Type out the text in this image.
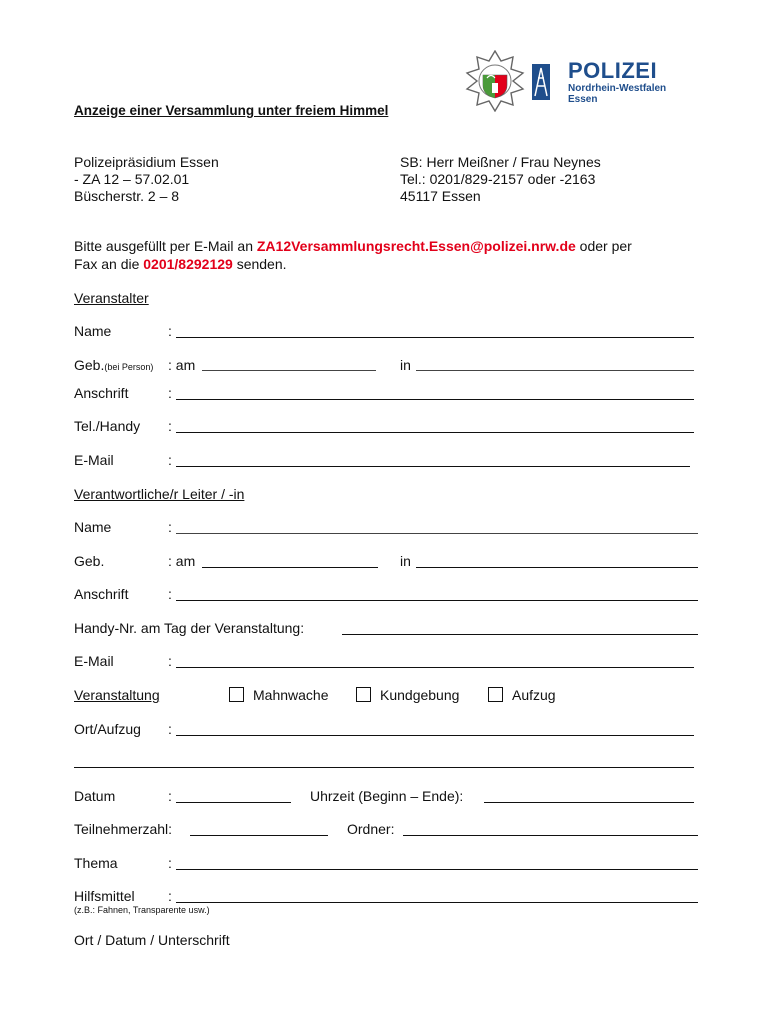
POLIZEI
Nordrhein-Westfalen
Essen
Anzeige einer Versammlung unter freiem Himmel
Polizeipräsidium Essen
- ZA 12 – 57.02.01
Büscherstr. 2 – 8
SB: Herr Meißner / Frau Neynes
Tel.: 0201/829-2157 oder -2163
45117 Essen
Bitte ausgefüllt per E-Mail an ZA12Versammlungsrecht.Essen@polizei.nrw.de oder per
Fax an die 0201/8292129 senden.
Veranstalter
Name	:
Geb.(bei Person) : am	in
Anschrift	:
Tel./Handy :
E-Mail	:
Verantwortliche/r Leiter / -in
Name	:
Geb.	: am	in
Anschrift	:
Handy-Nr. am Tag der Veranstaltung:
E-Mail	:
Veranstaltung	Mahnwache	Kundgebung	Aufzug
Ort/Aufzug :
Datum	:	Uhrzeit (Beginn – Ende):
Teilnehmerzahl:	Ordner:
Thema	:
Hilfsmittel :
(z.B.: Fahnen, Transparente usw.)
Ort / Datum / Unterschrift
